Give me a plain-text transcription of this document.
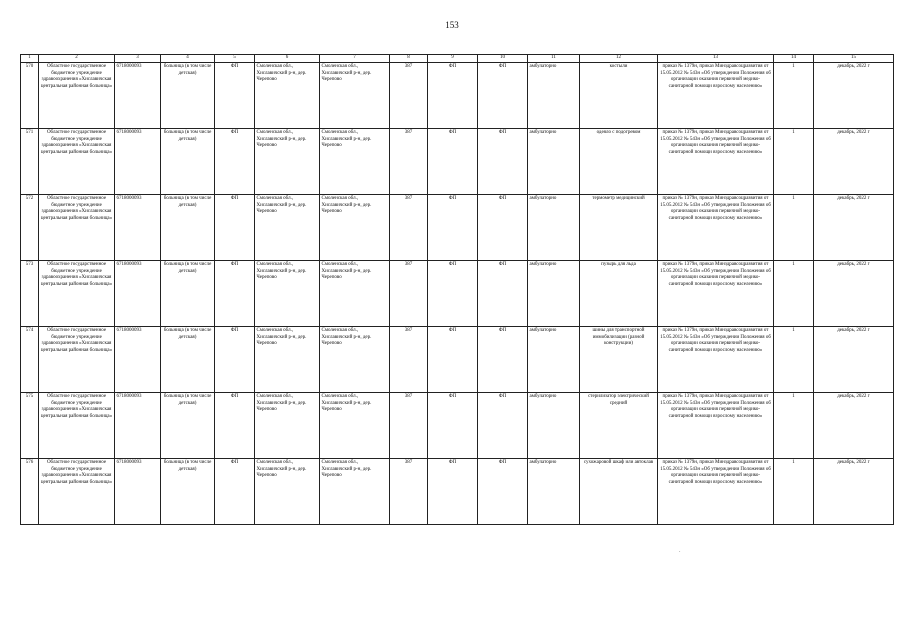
153
1	2	3	4	5	6	7	8	9	10	11	12	13	14	15
570	Областное государственное бюджетное учреждение здравоохранения «Хиславичская центральная районная больница»	6718000093	больница (в том числе детская)	ФП	Смоленская обл., Хиславичский р-н, дер. Черепово	Смоленская обл., Хиславичский р-н, дер. Черепово	387	ФП	ФП	амбулаторно	костыли	приказ № 1379н, приказ Минздравсоцразвития от 15.05.2012 № 543н «Об утверждении Положения об организации оказания первичной медико-санитарной помощи взрослому населению»	1	декабрь, 2022 г
571	Областное государственное бюджетное учреждение здравоохранения «Хиславичская центральная районная больница»	6718000093	больница (в том числе детская)	ФП	Смоленская обл., Хиславичский р-н, дер. Черепово	Смоленская обл., Хиславичский р-н, дер. Черепово	387	ФП	ФП	амбулаторно	одеяло с подогревом	приказ № 1379н, приказ Минздравсоцразвития от 15.05.2012 № 543н «Об утверждении Положения об организации оказания первичной медико-санитарной помощи взрослому населению»	1	декабрь, 2022 г
572	Областное государственное бюджетное учреждение здравоохранения «Хиславичская центральная районная больница»	6718000093	больница (в том числе детская)	ФП	Смоленская обл., Хиславичский р-н, дер. Черепово	Смоленская обл., Хиславичский р-н, дер. Черепово	387	ФП	ФП	амбулаторно	термометр медицинский	приказ № 1379н, приказ Минздравсоцразвития от 15.05.2012 № 543н «Об утверждении Положения об организации оказания первичной медико-санитарной помощи взрослому населению»	1	декабрь, 2022 г
573	Областное государственное бюджетное учреждение здравоохранения «Хиславичская центральная районная больница»	6718000093	больница (в том числе детская)	ФП	Смоленская обл., Хиславичский р-н, дер. Черепово	Смоленская обл., Хиславичский р-н, дер. Черепово	387	ФП	ФП	амбулаторно	пузырь для льда	приказ № 1379н, приказ Минздравсоцразвития от 15.05.2012 № 543н «Об утверждении Положения об организации оказания первичной медико-санитарной помощи взрослому населению»	1	декабрь, 2022 г
574	Областное государственное бюджетное учреждение здравоохранения «Хиславичская центральная районная больница»	6718000093	больница (в том числе детская)	ФП	Смоленская обл., Хиславичский р-н, дер. Черепово	Смоленская обл., Хиславичский р-н, дер. Черепово	387	ФП	ФП	амбулаторно	шины для транспортной иммобилизации (разной конструкции)	приказ № 1379н, приказ Минздравсоцразвития от 15.05.2012 № 543н «Об утверждении Положения об организации оказания первичной медико-санитарной помощи взрослому населению»	1	декабрь, 2022 г
575	Областное государственное бюджетное учреждение здравоохранения «Хиславичская центральная районная больница»	6718000093	больница (в том числе детская)	ФП	Смоленская обл., Хиславичский р-н, дер. Черепово	Смоленская обл., Хиславичский р-н, дер. Черепово	387	ФП	ФП	амбулаторно	стерилизатор электрический средний	приказ № 1379н, приказ Минздравсоцразвития от 15.05.2012 № 543н «Об утверждении Положения об организации оказания первичной медико-санитарной помощи взрослому населению»	1	декабрь, 2022 г
576	Областное государственное бюджетное учреждение здравоохранения «Хиславичская центральная районная больница»	6718000093	больница (в том числе детская)	ФП	Смоленская обл., Хиславичский р-н, дер. Черепово	Смоленская обл., Хиславичский р-н, дер. Черепово	387	ФП	ФП	амбулаторно	сухожаровой шкаф или автоклав	приказ № 1379н, приказ Минздравсоцразвития от 15.05.2012 № 543н «Об утверждении Положения об организации оказания первичной медико-санитарной помощи взрослому населению»	1	декабрь, 2022 г
.
